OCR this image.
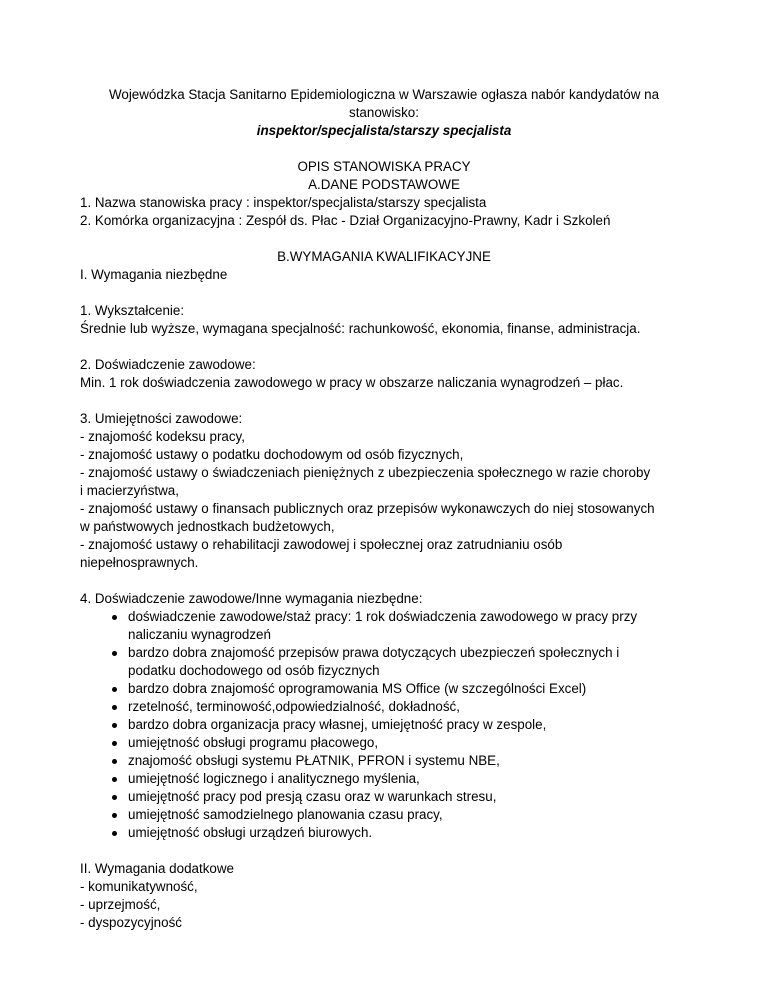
Wojewódzka Stacja Sanitarno Epidemiologiczna w Warszawie ogłasza nabór kandydatów na

stanowisko:

inspektor/specjalista/starszy specjalista

OPIS STANOWISKA PRACY

A.DANE PODSTAWOWE

1. Nazwa stanowiska pracy : inspektor/specjalista/starszy specjalista

2. Komórka organizacyjna : Zespół ds. Płac - Dział Organizacyjno-Prawny, Kadr i Szkoleń

B.WYMAGANIA KWALIFIKACYJNE

I. Wymagania niezbędne

1. Wykształcenie:

Średnie lub wyższe, wymagana specjalność: rachunkowość, ekonomia, finanse, administracja.

2. Doświadczenie zawodowe:

Min. 1 rok doświadczenia zawodowego w pracy w obszarze naliczania wynagrodzeń – płac.

3. Umiejętności zawodowe:

- znajomość kodeksu pracy,

- znajomość ustawy o podatku dochodowym od osób fizycznych,

- znajomość ustawy o świadczeniach pieniężnych z ubezpieczenia społecznego w razie choroby

i macierzyństwa,

- znajomość ustawy o finansach publicznych oraz przepisów wykonawczych do niej stosowanych

w państwowych jednostkach budżetowych,

- znajomość ustawy o rehabilitacji zawodowej i społecznej oraz zatrudnianiu osób

niepełnosprawnych.

4. Doświadczenie zawodowe/Inne wymagania niezbędne:

doświadczenie zawodowe/staż pracy: 1 rok doświadczenia zawodowego w pracy przy
naliczaniu wynagrodzeń
bardzo dobra znajomość przepisów prawa dotyczących ubezpieczeń społecznych i
podatku dochodowego od osób fizycznych
bardzo dobra znajomość oprogramowania MS Office (w szczególności Excel)
rzetelność, terminowość,odpowiedzialność, dokładność,
bardzo dobra organizacja pracy własnej, umiejętność pracy w zespole,
umiejętność obsługi programu płacowego,
znajomość obsługi systemu PŁATNIK, PFRON i systemu NBE,
umiejętność logicznego i analitycznego myślenia,
umiejętność pracy pod presją czasu oraz w warunkach stresu,
umiejętność samodzielnego planowania czasu pracy,
umiejętność obsługi urządzeń biurowych.

II. Wymagania dodatkowe

- komunikatywność,

- uprzejmość,

- dyspozycyjność
